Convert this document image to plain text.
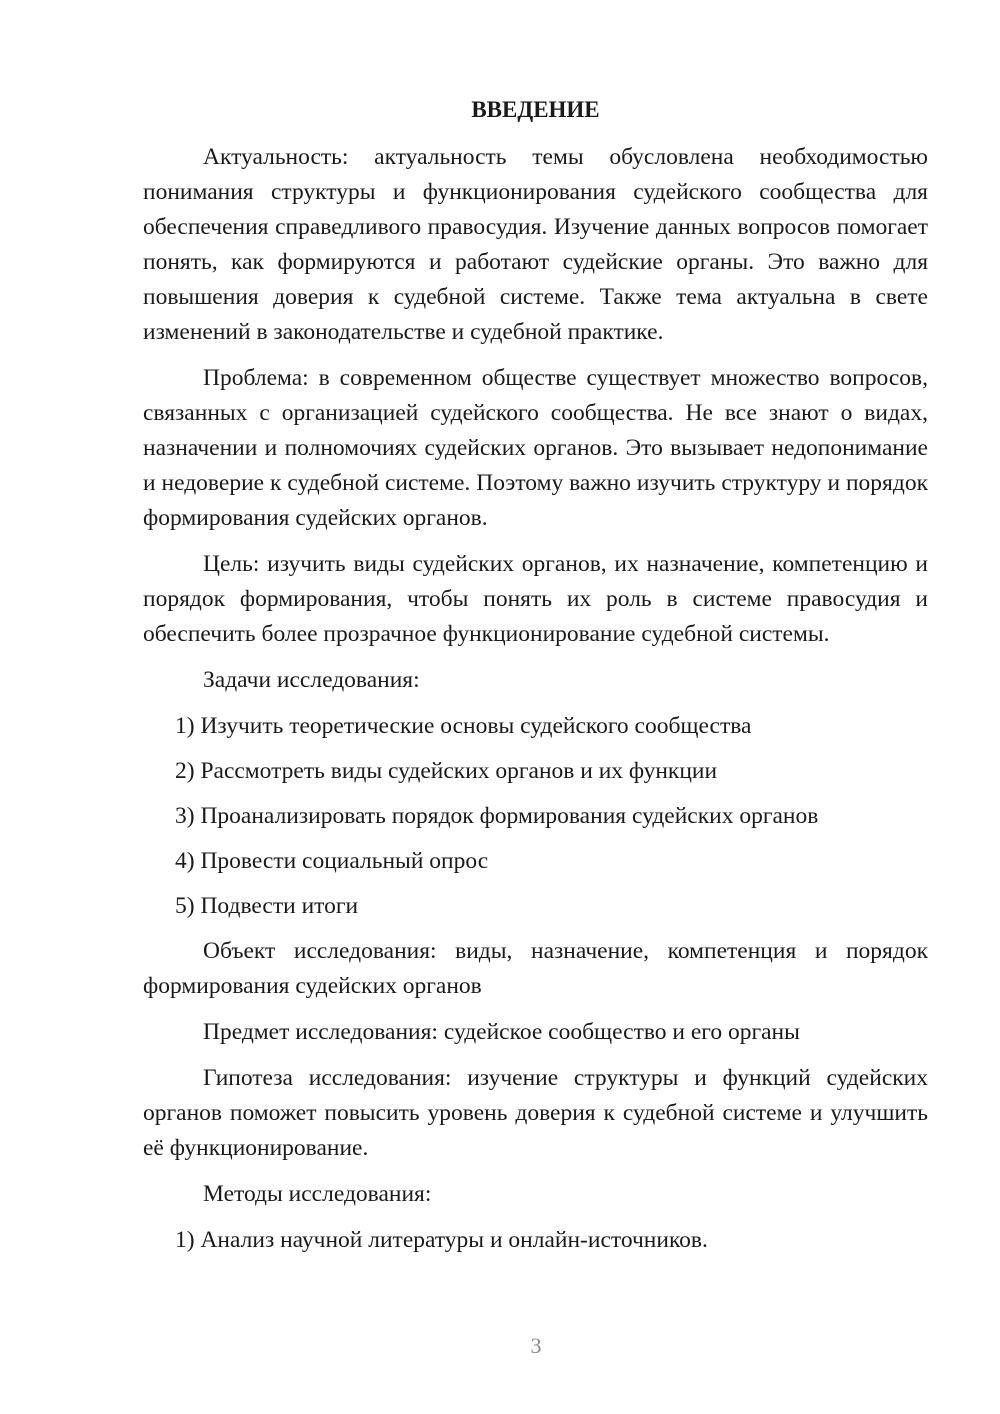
ВВЕДЕНИЕ

Актуальность: актуальность темы обусловлена необходимостью понимания структуры и функционирования судейского сообщества для обеспечения справедливого правосудия. Изучение данных вопросов помогает понять, как формируются и работают судейские органы. Это важно для повышения доверия к судебной системе. Также тема актуальна в свете изменений в законодательстве и судебной практике.

Проблема: в современном обществе существует множество вопросов, связанных с организацией судейского сообщества. Не все знают о видах, назначении и полномочиях судейских органов. Это вызывает недопонимание и недоверие к судебной системе. Поэтому важно изучить структуру и порядок формирования судейских органов.

Цель: изучить виды судейских органов, их назначение, компетенцию и порядок формирования, чтобы понять их роль в системе правосудия и обеспечить более прозрачное функционирование судебной системы.

Задачи исследования:

1) Изучить теоретические основы судейского сообщества
2) Рассмотреть виды судейских органов и их функции
3) Проанализировать порядок формирования судейских органов
4) Провести социальный опрос
5) Подвести итоги

Объект исследования: виды, назначение, компетенция и порядок формирования судейских органов

Предмет исследования: судейское сообщество и его органы

Гипотеза исследования: изучение структуры и функций судейских органов поможет повысить уровень доверия к судебной системе и улучшить её функционирование.

Методы исследования:

1) Анализ научной литературы и онлайн-источников.
3
